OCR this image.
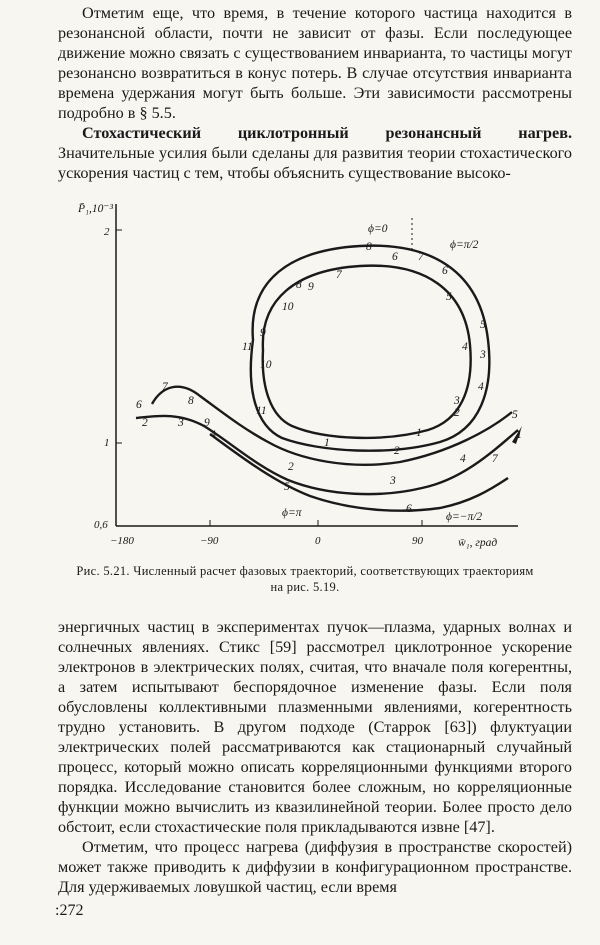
Отметим еще, что время, в течение которого частица находится в резонансной области, почти не зависит от фазы. Если последующее движение можно связать с существованием инварианта, то частицы могут резонансно возвратиться в конус потерь. В случае отсутствия инварианта времена удержания могут быть больше. Эти зависимости рассмотрены подробно в § 5.5.

Стохастический циклотронный резонансный нагрев. Значительные усилия были сделаны для развития теории стохастического ускорения частиц с тем, чтобы объяснить существование высоко-

P̄₁,10⁻³
2
1
0,6
−180	−90	0	90	w̄₁, град
1
ϕ=0
ϕ=π/2
ϕ=π	ϕ=−π/2
8
6 7
7	6
5
5
8 9
10
9
11
10
4
3
4
3
2
11
1
2
1
6
7
8
2	3 9
4
2
5	3
4 7
6
5
Рис. 5.21. Численный расчет фазовых траекторий, соответствующих траекториям на рис. 5.19.

энергичных частиц в экспериментах пучок—плазма, ударных волнах и солнечных явлениях. Стикс [59] рассмотрел циклотронное ускорение электронов в электрических полях, считая, что вначале поля когерентны, а затем испытывают беспорядочное изменение фазы. Если поля обусловлены коллективными плазменными явлениями, когерентность трудно установить. В другом подходе (Старрок [63]) флуктуации электрических полей рассматриваются как стационарный случайный процесс, который можно описать корреляционными функциями второго порядка. Исследование становится более сложным, но корреляционные функции можно вычислить из квазилинейной теории. Более просто дело обстоит, если стохастические поля прикладываются извне [47].

Отметим, что процесс нагрева (диффузия в пространстве скоростей) может также приводить к диффузии в конфигурационном пространстве. Для удерживаемых ловушкой частиц, если время

:272
